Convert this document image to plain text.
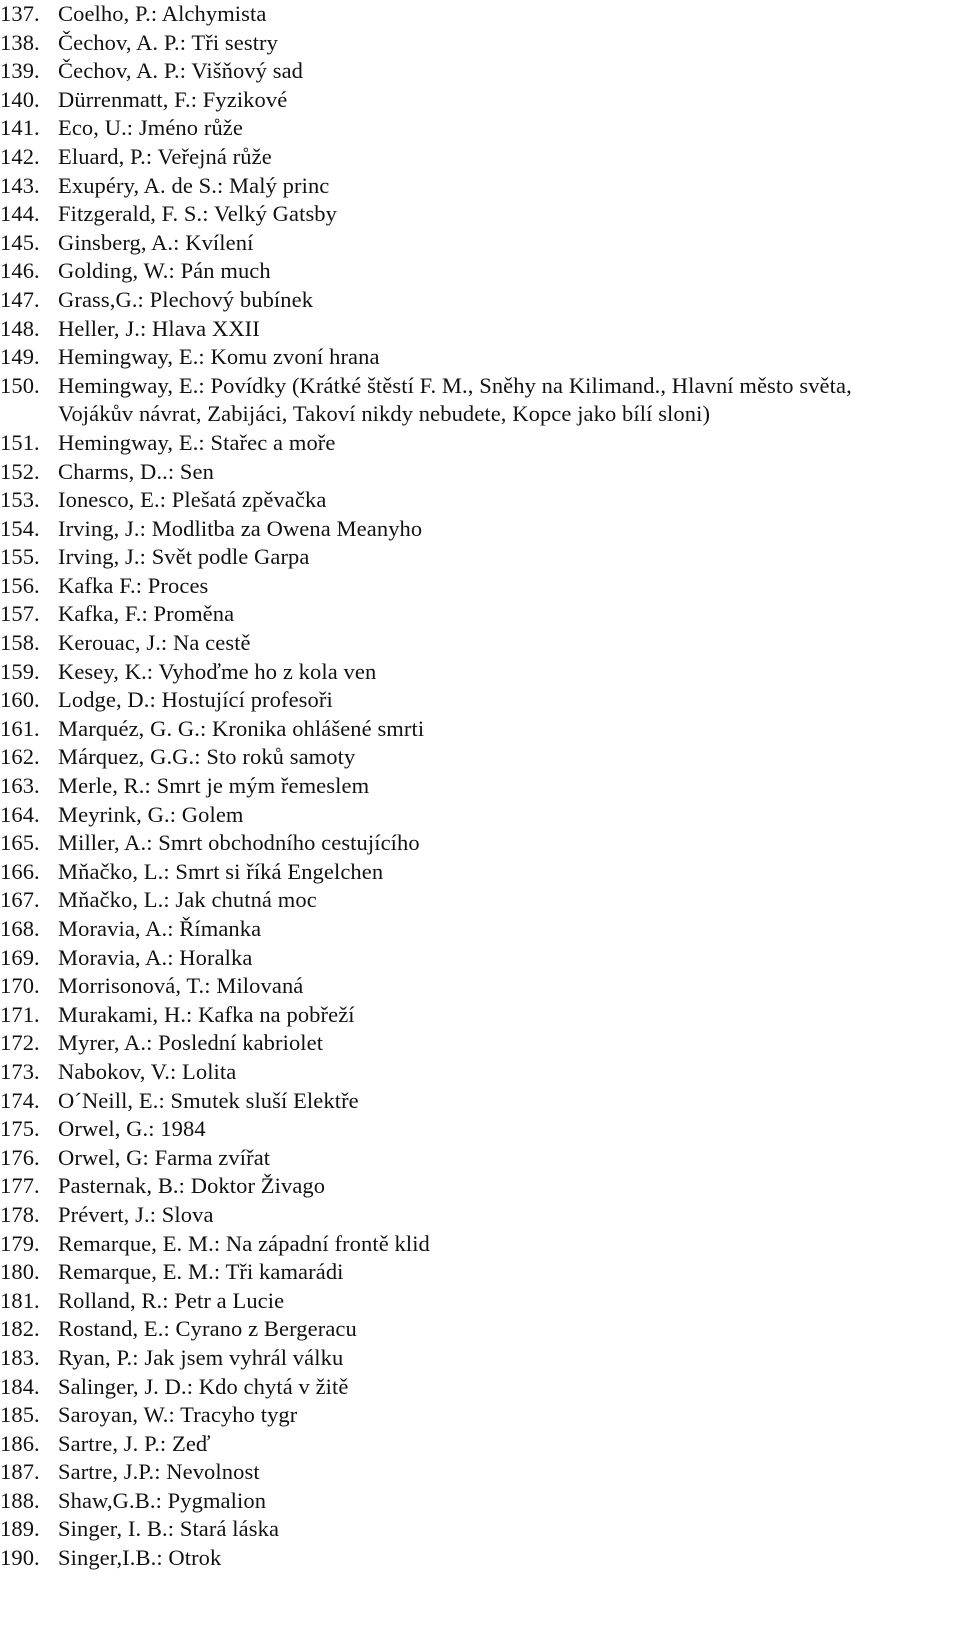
137. Coelho, P.: Alchymista
138. Čechov, A. P.: Tři sestry
139. Čechov, A. P.: Višňový sad
140. Dürrenmatt, F.: Fyzikové
141. Eco, U.: Jméno růže
142. Eluard, P.: Veřejná růže
143. Exupéry, A. de S.: Malý princ
144. Fitzgerald, F. S.: Velký Gatsby
145. Ginsberg, A.: Kvílení
146. Golding, W.: Pán much
147. Grass,G.: Plechový bubínek
148. Heller, J.: Hlava XXII
149. Hemingway, E.: Komu zvoní hrana
150. Hemingway, E.: Povídky (Krátké štěstí F. M., Sněhy na Kilimand., Hlavní město světa,
Vojákův návrat, Zabijáci, Takoví nikdy nebudete, Kopce jako bílí sloni)
151. Hemingway, E.: Stařec a moře
152. Charms, D..: Sen
153. Ionesco, E.: Plešatá zpěvačka
154. Irving, J.: Modlitba za Owena Meanyho
155. Irving, J.: Svět podle Garpa
156. Kafka F.: Proces
157. Kafka, F.: Proměna
158. Kerouac, J.: Na cestě
159. Kesey, K.: Vyhoďme ho z kola ven
160. Lodge, D.: Hostující profesoři
161. Marquéz, G. G.: Kronika ohlášené smrti
162. Márquez, G.G.: Sto roků samoty
163. Merle, R.: Smrt je mým řemeslem
164. Meyrink, G.: Golem
165. Miller, A.: Smrt obchodního cestujícího
166. Mňačko, L.: Smrt si říká Engelchen
167. Mňačko, L.: Jak chutná moc
168. Moravia, A.: Římanka
169. Moravia, A.: Horalka
170. Morrisonová, T.: Milovaná
171. Murakami, H.: Kafka na pobřeží
172. Myrer, A.: Poslední kabriolet
173. Nabokov, V.: Lolita
174. O´Neill, E.: Smutek sluší Elektře
175. Orwel, G.: 1984
176. Orwel, G: Farma zvířat
177. Pasternak, B.: Doktor Živago
178. Prévert, J.: Slova
179. Remarque, E. M.: Na západní frontě klid
180. Remarque, E. M.: Tři kamarádi
181. Rolland, R.: Petr a Lucie
182. Rostand, E.: Cyrano z Bergeracu
183. Ryan, P.: Jak jsem vyhrál válku
184. Salinger, J. D.: Kdo chytá v žitě
185. Saroyan, W.: Tracyho tygr
186. Sartre, J. P.: Zeď
187. Sartre, J.P.: Nevolnost
188. Shaw,G.B.: Pygmalion
189. Singer, I. B.: Stará láska
190. Singer,I.B.: Otrok
